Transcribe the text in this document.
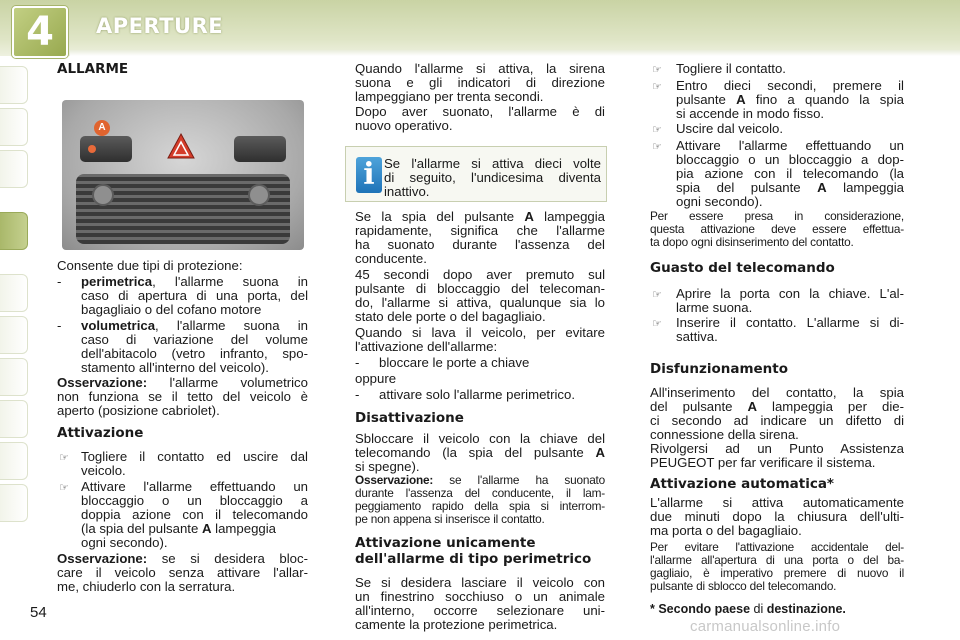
4 APERTURE
ALLARME
A
Consente due tipi di protezione:
- perimetrica, l'allarme suona in
caso di apertura di una porta, del
bagagliaio o del cofano motore
- volumetrica, l'allarme suona in
caso di variazione del volume
dell'abitacolo (vetro infranto, spo-
stamento all'interno del veicolo).
Osservazione: l'allarme volumetrico
non funziona se il tetto del veicolo è
aperto (posizione cabriolet).
Attivazione
☞ Togliere il contatto ed uscire dal
veicolo.
☞ Attivare l'allarme effettuando un
bloccaggio o un bloccaggio a
doppia azione con il telecomando
(la spia del pulsante A lampeggia
ogni secondo).
Osservazione: se si desidera bloc-
care il veicolo senza attivare l'allar-
me, chiuderlo con la serratura.
Quando l'allarme si attiva, la sirena
suona e gli indicatori di direzione
lampeggiano per trenta secondi.
Dopo aver suonato, l'allarme è di
nuovo operativo.
i Se l'allarme si attiva dieci volte
di seguito, l'undicesima diventa
inattivo.
Se la spia del pulsante A lampeggia
rapidamente, significa che l'allarme
ha suonato durante l'assenza del
conducente.
45 secondi dopo aver premuto sul
pulsante di bloccaggio del telecoman-
do, l'allarme si attiva, qualunque sia lo
stato dele porte o del bagagliaio.
Quando si lava il veicolo, per evitare
l'attivazione dell'allarme:
- bloccare le porte a chiave
oppure
- attivare solo l'allarme perimetrico.
Disattivazione
Sbloccare il veicolo con la chiave del
telecomando (la spia del pulsante A
si spegne).
Osservazione: se l'allarme ha suonato
durante l'assenza del conducente, il lam-
peggiamento rapido della spia si interrom-
pe non appena si inserisce il contatto.
Attivazione unicamente
dell'allarme di tipo perimetrico
Se si desidera lasciare il veicolo con
un finestrino socchiuso o un animale
all'interno, occorre selezionare uni-
camente la protezione perimetrica.
☞ Togliere il contatto.
☞ Entro dieci secondi, premere il
pulsante A fino a quando la spia
si accende in modo fisso.
☞ Uscire dal veicolo.
☞ Attivare l'allarme effettuando un
bloccaggio o un bloccaggio a dop-
pia azione con il telecomando (la
spia del pulsante A lampeggia
ogni secondo).
Per essere presa in considerazione,
questa attivazione deve essere effettua-
ta dopo ogni disinserimento del contatto.
Guasto del telecomando
☞ Aprire la porta con la chiave. L'al-
larme suona.
☞ Inserire il contatto. L'allarme si di-
sattiva.
Disfunzionamento
All'inserimento del contatto, la spia
del pulsante A lampeggia per die-
ci secondo ad indicare un difetto di
connessione della sirena.
Rivolgersi ad un Punto Assistenza
PEUGEOT per far verificare il sistema.
Attivazione automatica*
L'allarme si attiva automaticamente
due minuti dopo la chiusura dell'ulti-
ma porta o del bagagliaio.
Per evitare l'attivazione accidentale del-
l'allarme all'apertura di una porta o del ba-
gagliaio, è imperativo premere di nuovo il
pulsante di sblocco del telecomando.
* Secondo paese di destinazione.
54
carmanualsonline.info
